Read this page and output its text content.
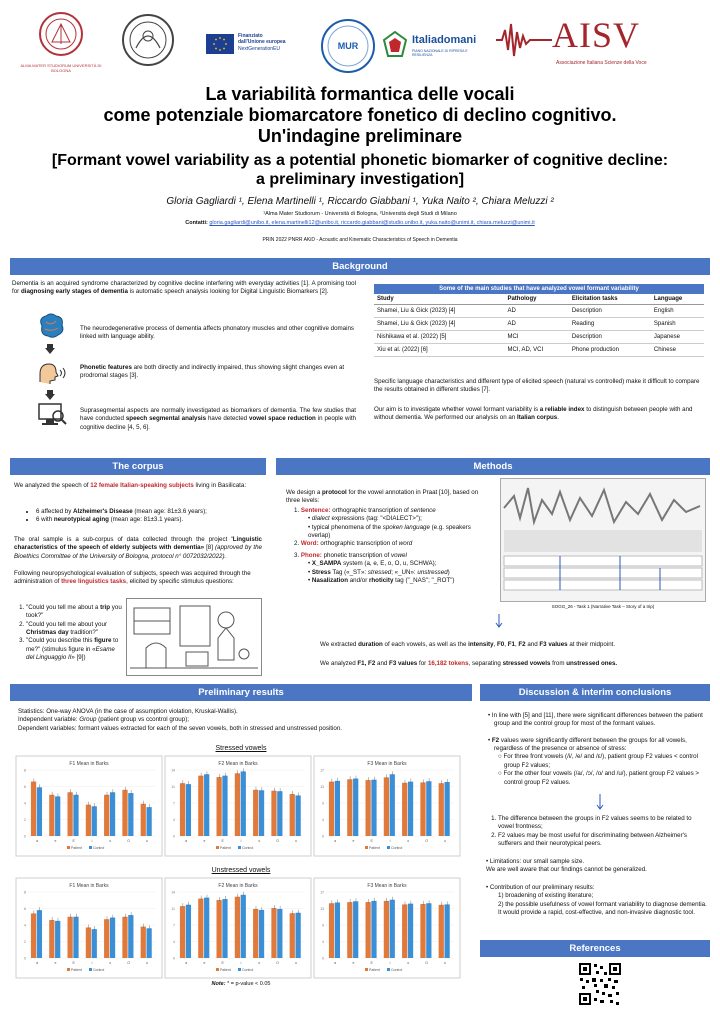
ALMA MATER STUDIORUM UNIVERSITÀ DI BOLOGNA
Finanziato
dall'Unione europea
NextGenerationEU	MUR	Italiadomani
PIANO NAZIONALE DI RIPRESA E RESILIENZA
AISV
Associazione Italiana Scienze della Voce
La variabilità formantica delle vocali
come potenziale biomarcatore fonetico di declino cognitivo.
Un'indagine preliminare
[Formant vowel variability as a potential phonetic biomarker of cognitive decline:
a preliminary investigation]
Gloria Gagliardi ¹, Elena Martinelli ¹, Riccardo Giabbani ¹, Yuka Naito ², Chiara Meluzzi ²
¹Alma Mater Studiorum - Università di Bologna, ²Università degli Studi di Milano
Contatti: gloria.gagliardi@unibo.it, elena.martinelli12@unibo.it, riccardo.giabbani@studio.unibo.it, yuka.naito@unimi.it, chiara.meluzzi@unimi.it
PRIN 2022 PNRR AKiD - Acoustic and Kinematic Characteristics of Speech in Dementia
Background
Dementia is an acquired syndrome characterized by cognitive decline interfering with everyday activities [1]. A promising tool for diagnosing early stages of dementia is automatic speech analysis looking for Digital Linguistic Biomarkers [2].
The neurodegenerative process of dementia affects phonatory muscles and other cognitive domains linked with language ability.
Phonetic features are both directly and indirectly impaired, thus showing slight changes even at prodromal stages [3].
Suprasegmental aspects are normally investigated as biomarkers of dementia. The few studies that have conducted speech segmental analysis have detected vowel space reduction in people with cognitive decline [4, 5, 6].
Some of the main studies that have analyzed vowel formant variability
Study	Pathology	Elicitation tasks	Language
Shamei, Liu & Gick (2023) [4]	AD	Description	English
Shamei, Liu & Gick (2023) [4]	AD	Reading	Spanish
Nishikawa et al. (2022) [5]	MCI	Description	Japanese
Xiu et al. (2022) [6]	MCI, AD, VCI	Phone production	Chinese
Specific language characteristics and different type of elicited speech (natural vs controlled) make it difficult to compare the results obtained in different studies [7].
Our aim is to investigate whether vowel formant variability is a reliable index to distinguish between people with and without dementia. We performed our analysis on an Italian corpus.
The corpus
We analyzed the speech of 12 female Italian-speaking subjects living in Basilicata:
• 6 affected by Alzheimer's Disease (mean age: 81±3.6 years);
• 6 with neurotypical aging (mean age: 81±3.1 years).
The oral sample is a sub-corpus of data collected through the project 'Linguistic characteristics of the speech of elderly subjects with dementia» [8] (approved by the Bioethics Committee of the University of Bologna, protocol n° 0072032/2022).
Following neuropsychological evaluation of subjects, speech was acquired through the administration of three linguistics tasks, elicited by specific stimulus questions:
1. "Could you tell me about a trip you took?"
2. "Could you tell me about your Christmas day tradition?"
3. "Could you describe this figure to me?" (stimulus figure in «Esame del Linguaggio II» [9])
Methods
We design a protocol for the vowel annotation in Praat [10], based on three levels:
1. Sentence: orthographic transcription of sentence
• dialect expressions (tag: "<DIALECT>");
• typical phenomena of the spoken language (e.g. speakers overlap)
2. Word: orthographic transcription of word
3. Phone: phonetic transcription of vowel
• X_SAMPA system (a, e, E, o, O, u, SCHWA);
• Stress Tag («_ST»: stressed; «_UN»: unstressed)
• Nasalization and/or rhoticity tag ("_NAS"; "_ROT")
SOGG_26 - Task 1 (Narrative Task – Story of a trip)
We extracted duration of each vowels, as well as the intensity, F0, F1, F2 and F3 values at their midpoint.
We analyzed F1, F2 and F3 values for 16,182 tokens, separating stressed vowels from unstressed ones.
Preliminary results
Statistics: One-way ANOVA (in the case of assumption violation, Kruskal-Wallis).
Independent variable: Group (patient group vs ccontrol group);
Dependent variables: formant values extracted for each of the seven vowels, both in stressed and unstressed position.
Stressed vowels
Unstressed vowels
F1 Mean in Barks
0
2
4
6
8
a	e	E	i	o	O	u
Patient	Control
F2 Mean in Barks
0
4
7
11
14
a	e	E	i	o	O	u
Patient	Control
F3 Mean in Barks
0
4
9
13
17
a	e	E	i	o	O	u
Patient	Control
F1 Mean in Barks
0
2
4
6
8
a	e	E	i	o	O	u
Patient	Control
F2 Mean in Barks
0
4
7
11
14
a	e	E	i	o	O	u
Patient	Control
F3 Mean in Barks
0
4
9
13
17
a	e	E	i	o	O	u
Patient	Control
Note: * = p-value < 0.05
Discussion & interim conclusions
• In line with [5] and [11], there were significant differences between the patient group and the control group for most of the formant values.
• F2 values were significantly different between the groups for all vowels, regardless of the presence or absence of stress:
○ For three front vowels (/i/, /e/ and /ε/), patient group F2 values < control group F2 values;
○ For the other four vowels (/a/, /ɔ/, /o/ and /u/), patient group F2 values > control group F2 values.
1. The difference between the groups in F2 values seems to be related to vowel frontness;
2. F2 values may be most useful for discriminating between Alzheimer's sufferers and their neurotypical peers.
• Limitations: our small sample size.
We are well aware that our findings cannot be generalized.
• Contribution of our preliminary results:
1) broadening of existing literature;
2) the possible usefulness of vowel formant variability to diagnose dementia. It would provide a rapid, cost-effective, and non-invasive diagnostic tool.
References
